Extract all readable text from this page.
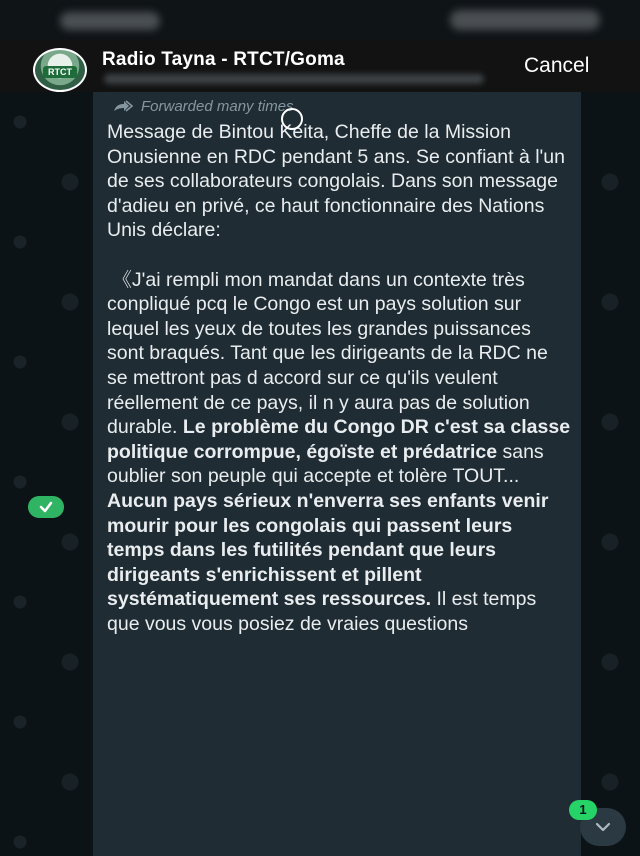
RTCT
Radio Tayna - RTCT/Goma	Cancel
Forwarded many times

Message de Bintou Keita, Cheffe de la Mission Onusienne en RDC pendant 5 ans. Se confiant à l'un de ses collaborateurs congolais. Dans son message d'adieu en privé, ce haut fonctionnaire des Nations Unis déclare:

《J'ai rempli mon mandat dans un contexte très conpliqué pcq le Congo est un pays solution sur lequel les yeux de toutes les grandes puissances sont braqués. Tant que les dirigeants de la RDC ne se mettront pas d accord sur ce qu'ils veulent réellement de ce pays, il n y aura pas de solution durable. Le problème du Congo DR c'est sa classe politique corrompue, égoïste et prédatrice sans oublier son peuple qui accepte et tolère TOUT... Aucun pays sérieux n'enverra ses enfants venir mourir pour les congolais qui passent leurs temps dans les futilités pendant que leurs dirigeants s'enrichissent et pillent systématiquement ses ressources. Il est temps que vous vous posiez de vraies questions

1
